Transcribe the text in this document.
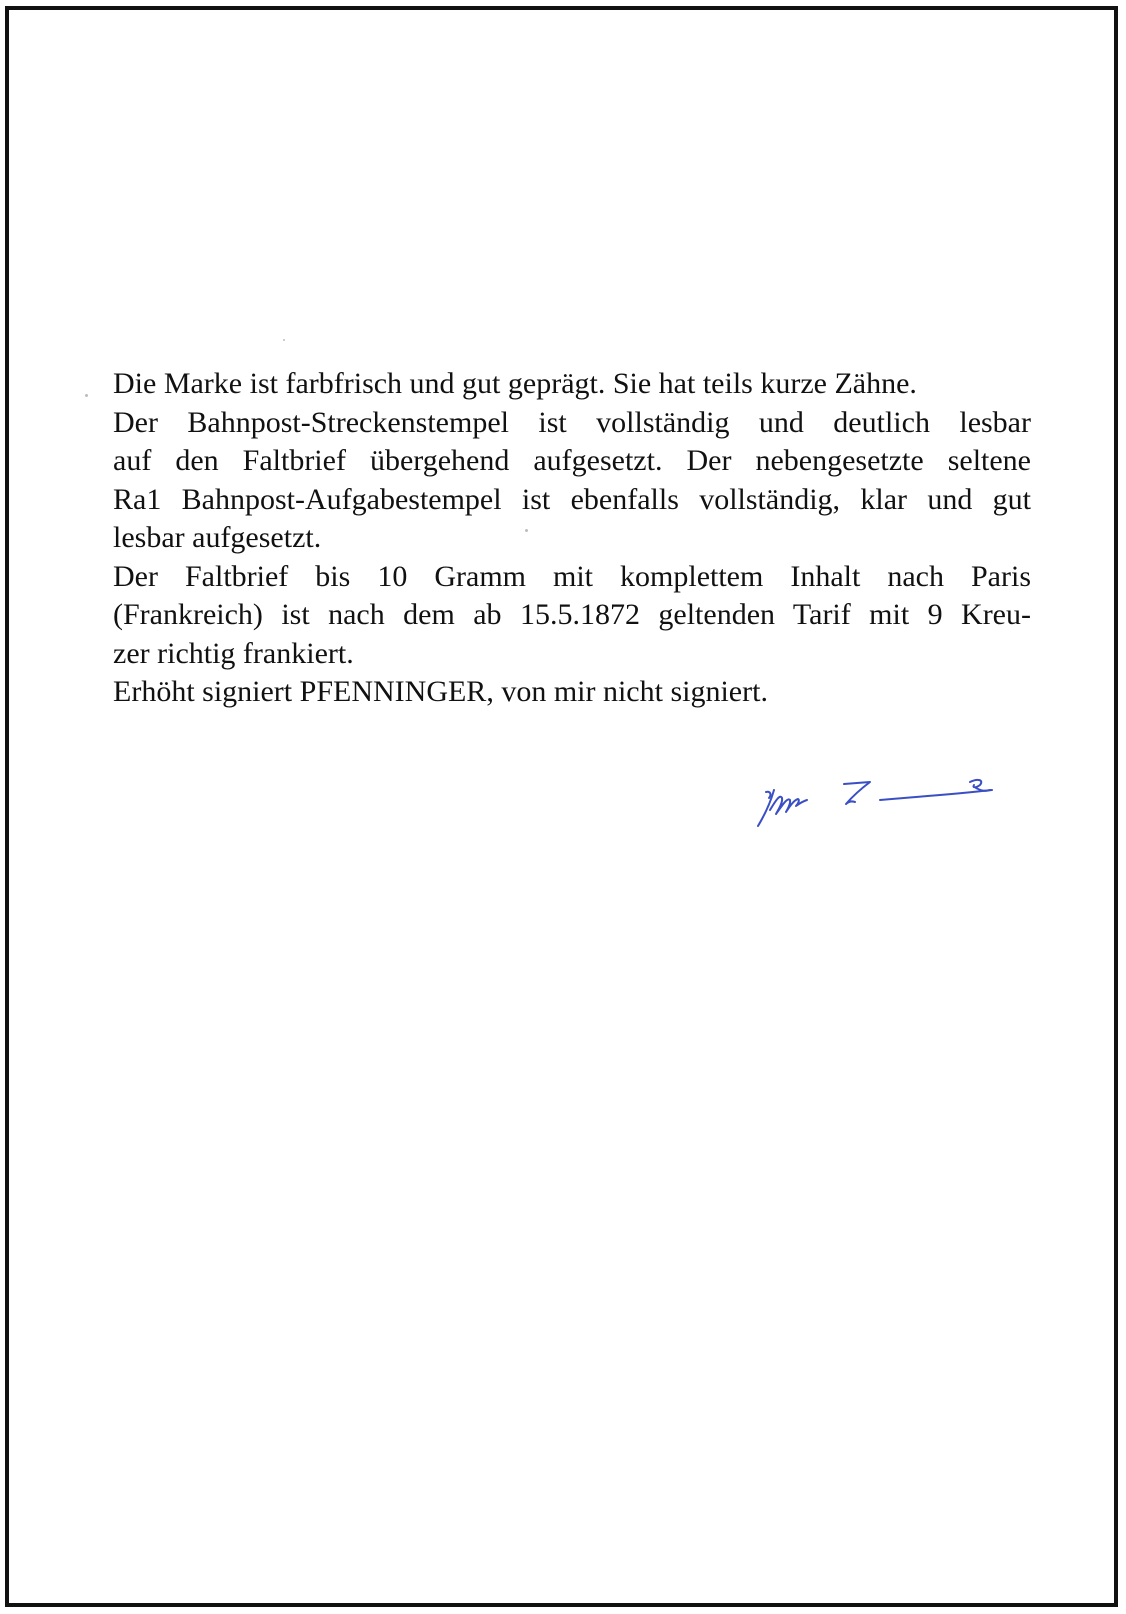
Die Marke ist farbfrisch und gut geprägt. Sie hat teils kurze Zähne.

Der Bahnpost-Streckenstempel ist vollständig und deutlich lesbar
auf den Faltbrief übergehend aufgesetzt. Der nebengesetzte seltene
Ra1 Bahnpost-Aufgabestempel ist ebenfalls vollständig, klar und gut
lesbar aufgesetzt.

Der Faltbrief bis 10 Gramm mit komplettem Inhalt nach Paris
(Frankreich) ist nach dem ab 15.5.1872 geltenden Tarif mit 9 Kreu-
zer richtig frankiert.

Erhöht signiert PFENNINGER, von mir nicht signiert.
